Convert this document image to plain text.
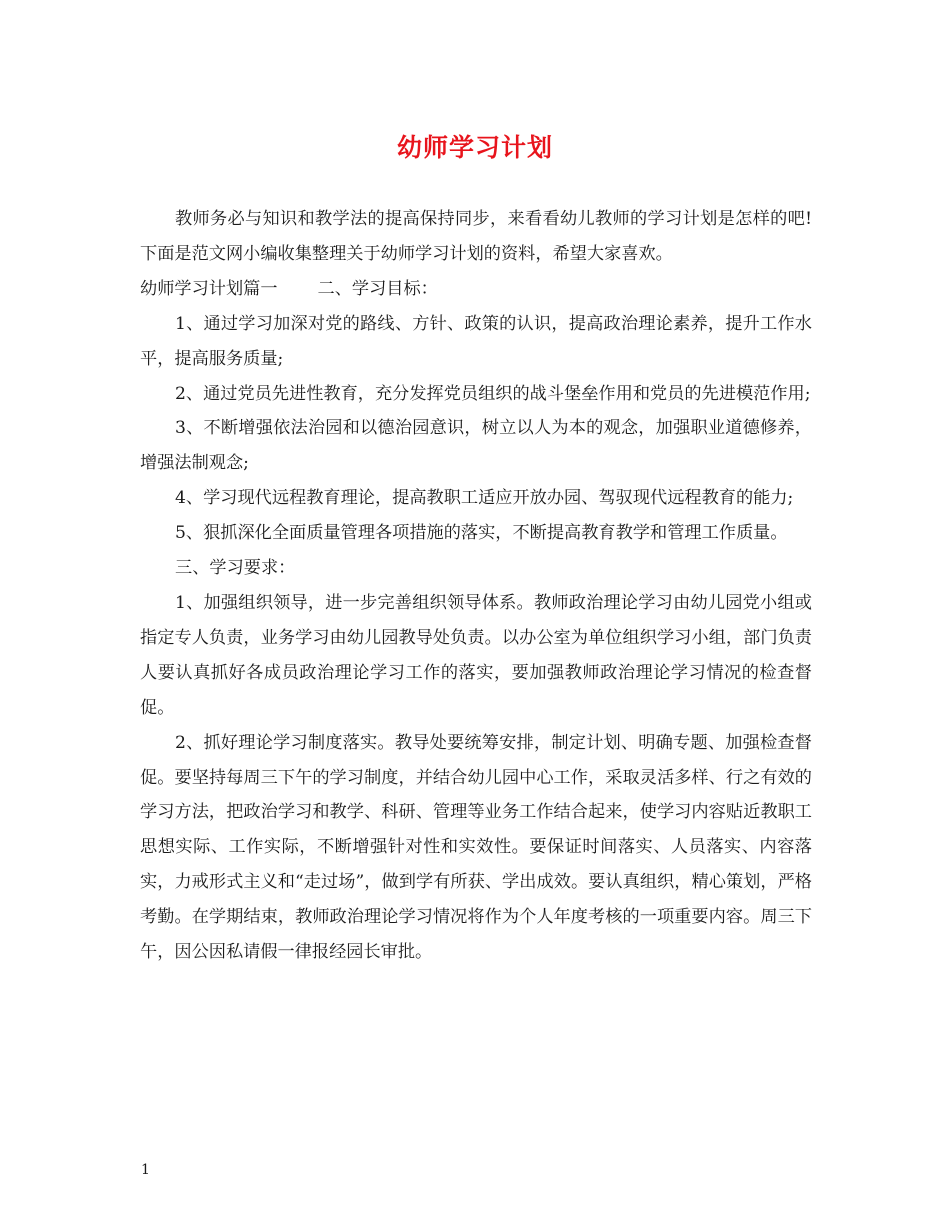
幼师学习计划

教师务必与知识和教学法的提高保持同步，来看看幼儿教师的学习计划是怎样的吧!下面是范文网小编收集整理关于幼师学习计划的资料，希望大家喜欢。

幼师学习计划篇一 二、学习目标：

1、通过学习加深对党的路线、方针、政策的认识，提高政治理论素养，提升工作水平，提高服务质量;

2、通过党员先进性教育，充分发挥党员组织的战斗堡垒作用和党员的先进模范作用;

3、不断增强依法治园和以德治园意识，树立以人为本的观念，加强职业道德修养，增强法制观念;

4、学习现代远程教育理论，提高教职工适应开放办园、驾驭现代远程教育的能力;

5、狠抓深化全面质量管理各项措施的落实，不断提高教育教学和管理工作质量。

三、学习要求：

1、加强组织领导，进一步完善组织领导体系。教师政治理论学习由幼儿园党小组或指定专人负责，业务学习由幼儿园教导处负责。以办公室为单位组织学习小组，部门负责人要认真抓好各成员政治理论学习工作的落实，要加强教师政治理论学习情况的检查督促。

2、抓好理论学习制度落实。教导处要统筹安排，制定计划、明确专题、加强检查督促。要坚持每周三下午的学习制度，并结合幼儿园中心工作，采取灵活多样、行之有效的学习方法，把政治学习和教学、科研、管理等业务工作结合起来，使学习内容贴近教职工思想实际、工作实际，不断增强针对性和实效性。要保证时间落实、人员落实、内容落实，力戒形式主义和“走过场”，做到学有所获、学出成效。要认真组织，精心策划，严格考勤。在学期结束，教师政治理论学习情况将作为个人年度考核的一项重要内容。周三下午，因公因私请假一律报经园长审批。

1
